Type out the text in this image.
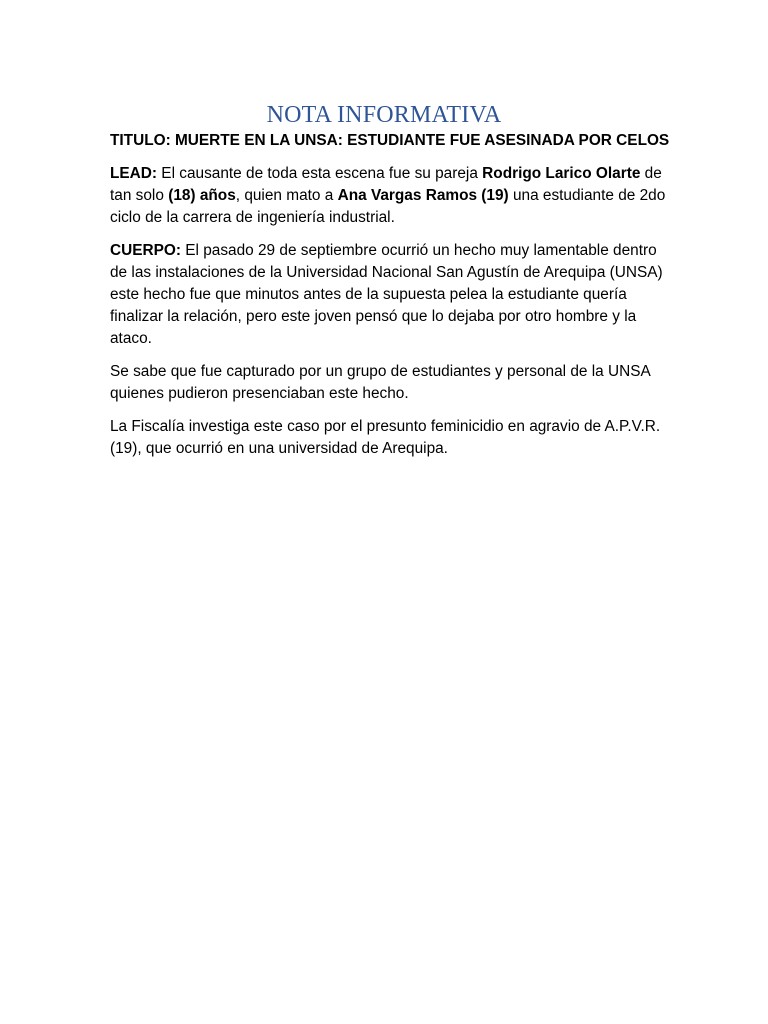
NOTA INFORMATIVA

TITULO: MUERTE EN LA UNSA: ESTUDIANTE FUE ASESINADA POR CELOS

LEAD: El causante de toda esta escena fue su pareja Rodrigo Larico Olarte de tan solo (18) años, quien mato a Ana Vargas Ramos (19) una estudiante de 2do ciclo de la carrera de ingeniería industrial.

CUERPO: El pasado 29 de septiembre ocurrió un hecho muy lamentable dentro de las instalaciones de la Universidad Nacional San Agustín de Arequipa (UNSA) este hecho fue que minutos antes de la supuesta pelea la estudiante quería finalizar la relación, pero este joven pensó que lo dejaba por otro hombre y la ataco.

Se sabe que fue capturado por un grupo de estudiantes y personal de la UNSA quienes pudieron presenciaban este hecho.

La Fiscalía investiga este caso por el presunto feminicidio en agravio de A.P.V.R. (19), que ocurrió en una universidad de Arequipa.
